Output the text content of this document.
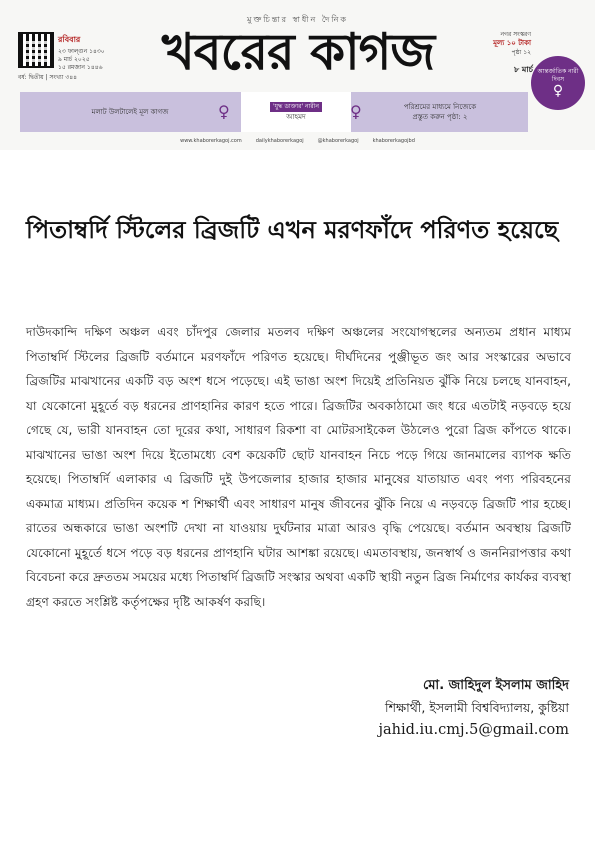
মুক্তচিন্তার স্বাধীন দৈনিক
রবিবার
২৩ ফাল্গুন ১৪৩০
৯ মার্চ ২০২৫
১৫ রমজান ১৪৪৬
বর্ষ: দ্বিতীয় | সংখ্যা ৩৪৪	খবরের কাগজ	নগর সংস্করণ
মূল্য ১০ টাকা
পৃষ্ঠা ১২
৮ মার্চ আন্তর্জাতিক নারী দিবস
♀
মলাট উলটালেই মূল কাগজ
'যুদ্ধ ডাক্তার' নারীন
আহমদ
পরিশ্রমের মাধ্যমে নিজেকে
প্রস্তুত করুন পৃষ্ঠা: ২
♀	♀
www.khaborerkagoj.com	dailykhaborerkagoj	@khaborerkagoj	khaborerkagojbd
পিতাম্বর্দি স্টিলের ব্রিজটি এখন মরণফাঁদে পরিণত হয়েছে

দাউদকান্দি দক্ষিণ অঞ্চল এবং চাঁদপুর জেলার মতলব দক্ষিণ অঞ্চলের সংযোগস্থলের অন্যতম প্রধান মাধ্যম পিতাম্বর্দি স্টিলের ব্রিজটি বর্তমানে মরণফাঁদে পরিণত হয়েছে। দীর্ঘদিনের পুঞ্জীভূত জং আর সংস্কারের অভাবে ব্রিজটির মাঝখানের একটি বড় অংশ ধসে পড়েছে। এই ভাঙা অংশ দিয়েই প্রতিনিয়ত ঝুঁকি নিয়ে চলছে যানবাহন, যা যেকোনো মুহূর্তে বড় ধরনের প্রাণহানির কারণ হতে পারে। ব্রিজটির অবকাঠামো জং ধরে এতটাই নড়বড়ে হয়ে গেছে যে, ভারী যানবাহন তো দূরের কথা, সাধারণ রিকশা বা মোটরসাইকেল উঠলেও পুরো ব্রিজ কাঁপতে থাকে। মাঝখানের ভাঙা অংশ দিয়ে ইতোমধ্যে বেশ কয়েকটি ছোট যানবাহন নিচে পড়ে গিয়ে জানমালের ব্যাপক ক্ষতি হয়েছে। পিতাম্বর্দি এলাকার এ ব্রিজটি দুই উপজেলার হাজার হাজার মানুষের যাতায়াত এবং পণ্য পরিবহনের একমাত্র মাধ্যম। প্রতিদিন কয়েক শ শিক্ষার্থী এবং সাধারণ মানুষ জীবনের ঝুঁকি নিয়ে এ নড়বড়ে ব্রিজটি পার হচ্ছে। রাতের অন্ধকারে ভাঙা অংশটি দেখা না যাওয়ায় দুর্ঘটনার মাত্রা আরও বৃদ্ধি পেয়েছে। বর্তমান অবস্থায় ব্রিজটি যেকোনো মুহূর্তে ধসে পড়ে বড় ধরনের প্রাণহানি ঘটার আশঙ্কা রয়েছে। এমতাবস্থায়, জনস্বার্থ ও জননিরাপত্তার কথা বিবেচনা করে দ্রুততম সময়ের মধ্যে পিতাম্বর্দি ব্রিজটি সংস্কার অথবা একটি স্থায়ী নতুন ব্রিজ নির্মাণের কার্যকর ব্যবস্থা গ্রহণ করতে সংশ্লিষ্ট কর্তৃপক্ষের দৃষ্টি আকর্ষণ করছি।

মো. জাহিদুল ইসলাম জাহিদ
শিক্ষার্থী, ইসলামী বিশ্ববিদ্যালয়, কুষ্টিয়া
jahid.iu.cmj.5@gmail.com
